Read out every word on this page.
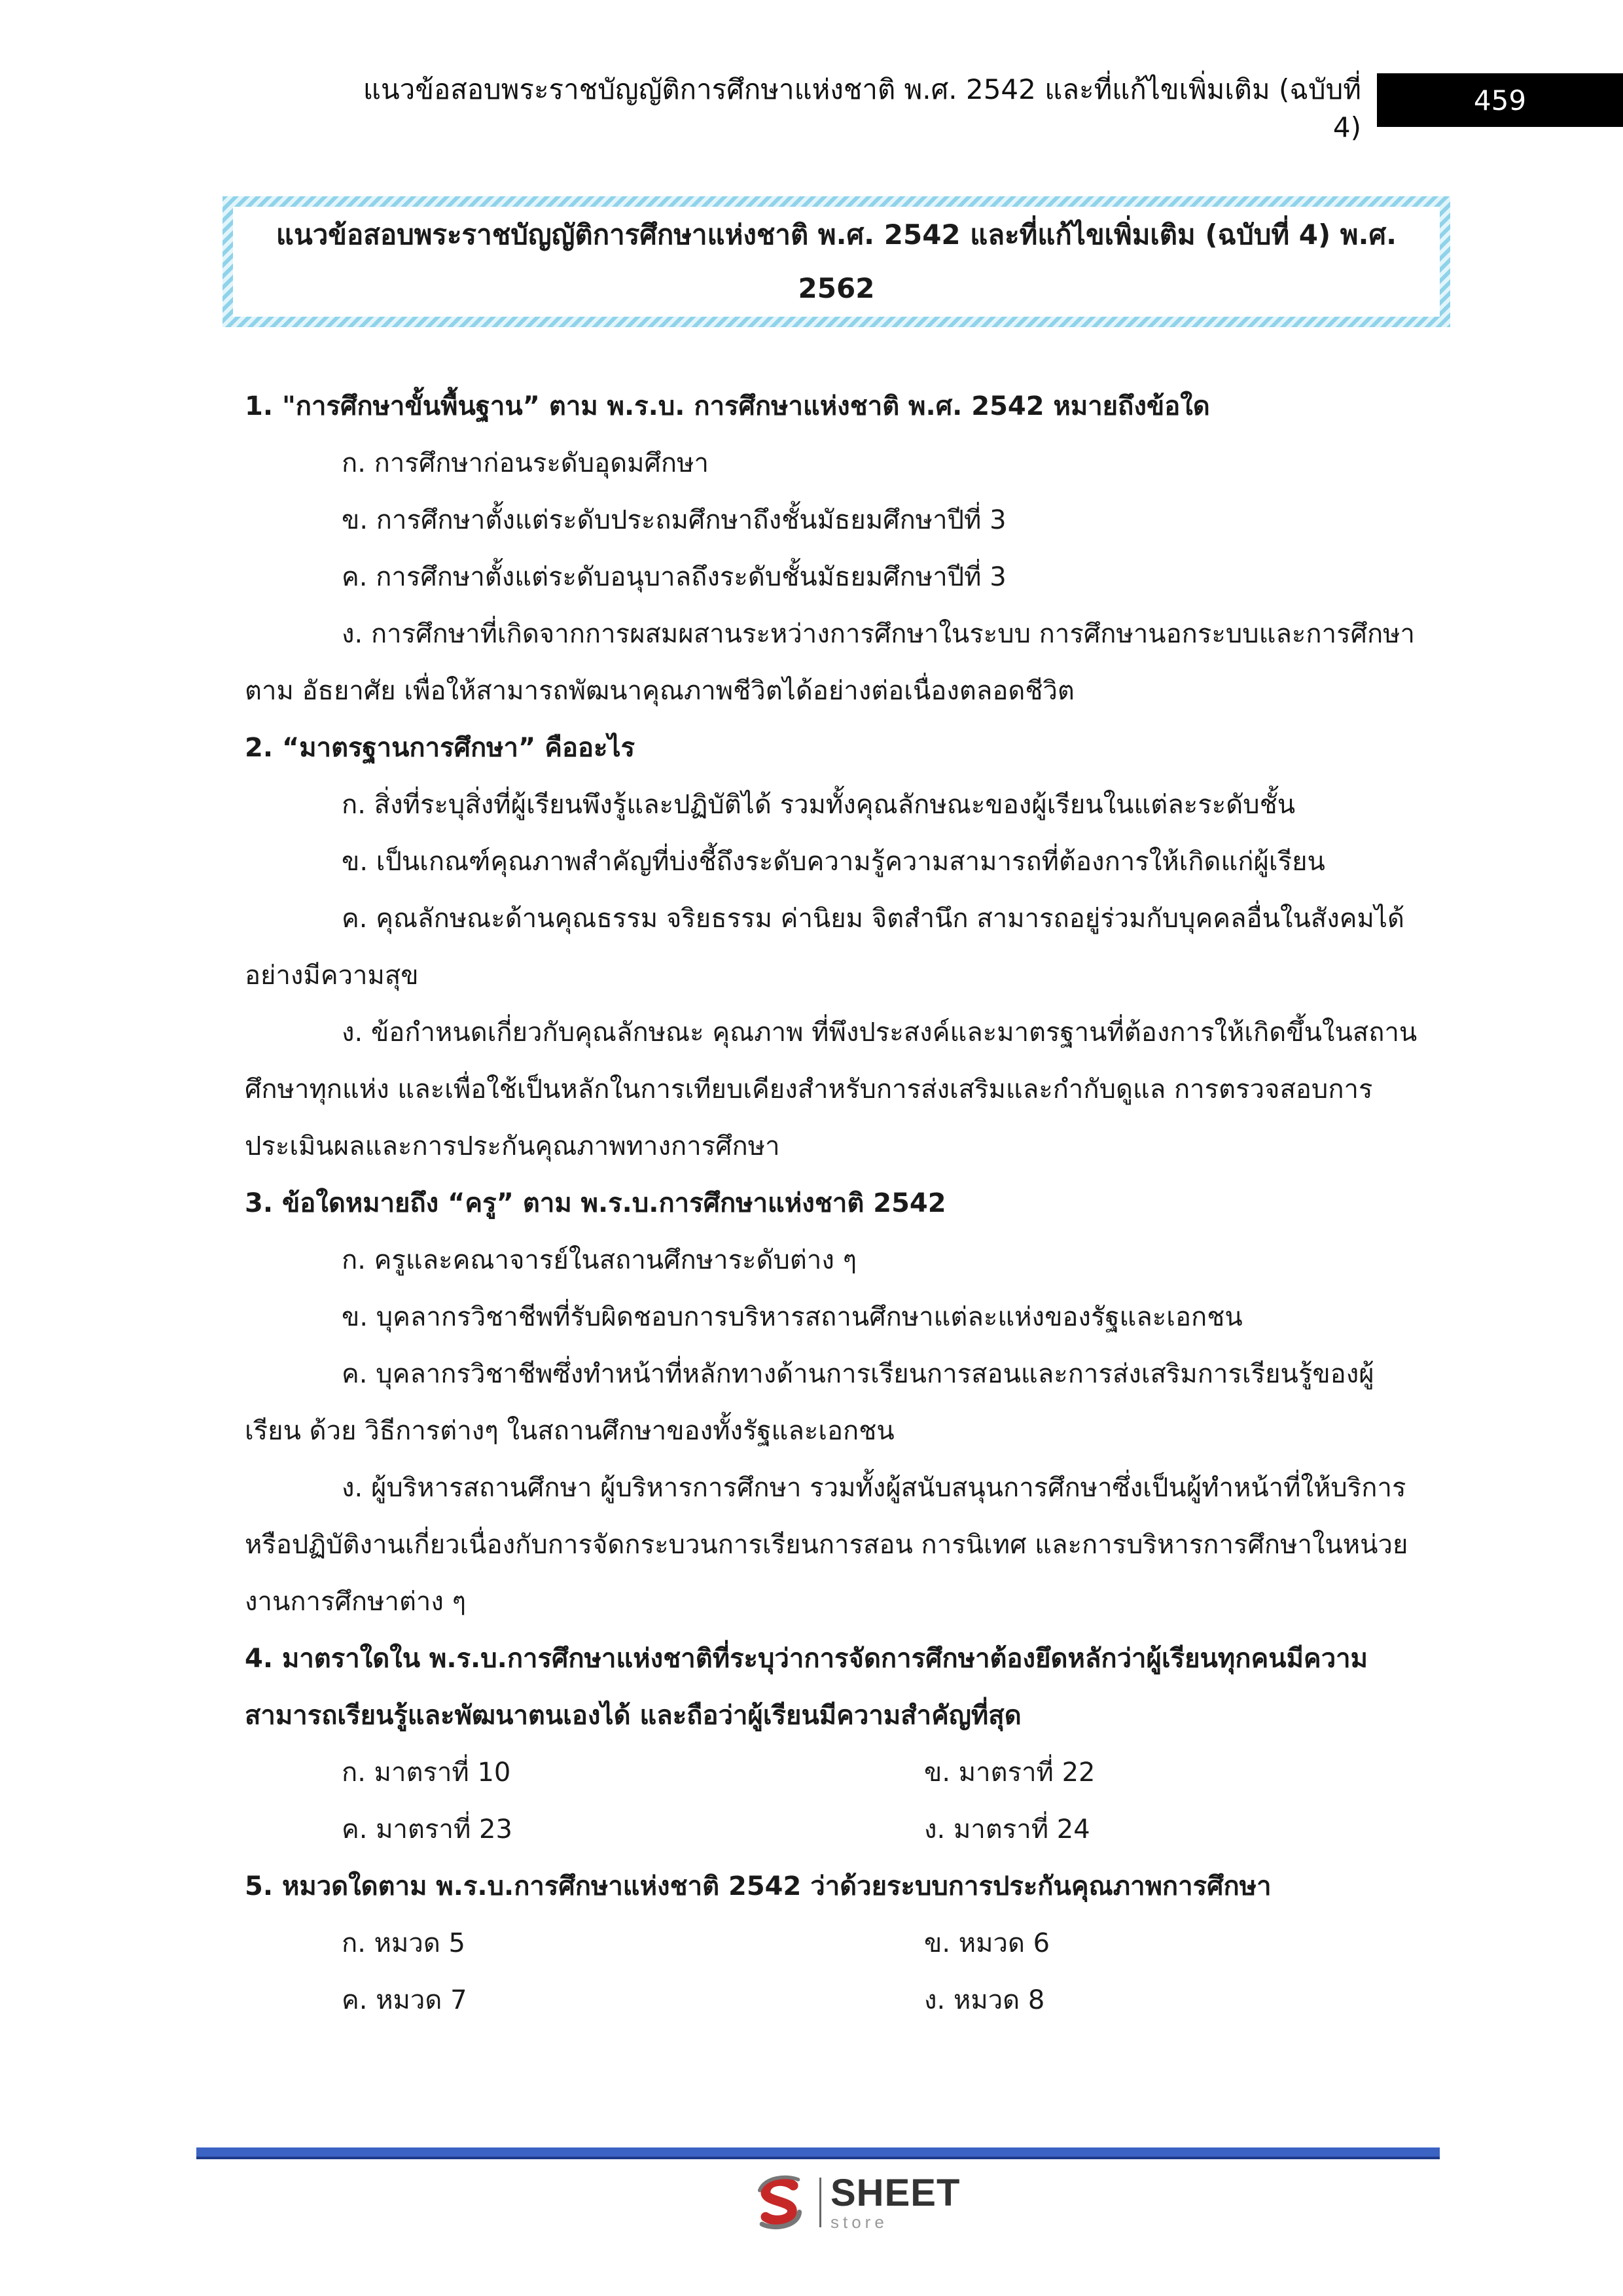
แนวข้อสอบพระราชบัญญัติการศึกษาแห่งชาติ พ.ศ. 2542 และที่แก้ไขเพิ่มเติม (ฉบับที่ 4)
459
แนวข้อสอบพระราชบัญญัติการศึกษาแห่งชาติ พ.ศ. 2542 และที่แก้ไขเพิ่มเติม (ฉบับที่ 4) พ.ศ.
2562

1. "การศึกษาขั้นพื้นฐาน” ตาม พ.ร.บ. การศึกษาแห่งชาติ พ.ศ. 2542 หมายถึงข้อใด

ก. การศึกษาก่อนระดับอุดมศึกษา

ข. การศึกษาตั้งแต่ระดับประถมศึกษาถึงชั้นมัธยมศึกษาปีที่ 3

ค. การศึกษาตั้งแต่ระดับอนุบาลถึงระดับชั้นมัธยมศึกษาปีที่ 3

ง. การศึกษาที่เกิดจากการผสมผสานระหว่างการศึกษาในระบบ การศึกษานอกระบบและการศึกษาตาม อัธยาศัย เพื่อให้สามารถพัฒนาคุณภาพชีวิตได้อย่างต่อเนื่องตลอดชีวิต

2. “มาตรฐานการศึกษา” คืออะไร

ก. สิ่งที่ระบุสิ่งที่ผู้เรียนพึงรู้และปฏิบัติได้ รวมทั้งคุณลักษณะของผู้เรียนในแต่ละระดับชั้น

ข. เป็นเกณฑ์คุณภาพสำคัญที่บ่งชี้ถึงระดับความรู้ความสามารถที่ต้องการให้เกิดแก่ผู้เรียน

ค. คุณลักษณะด้านคุณธรรม จริยธรรม ค่านิยม จิตสำนึก สามารถอยู่ร่วมกับบุคคลอื่นในสังคมได้อย่างมีความสุข

ง. ข้อกำหนดเกี่ยวกับคุณลักษณะ คุณภาพ ที่พึงประสงค์และมาตรฐานที่ต้องการให้เกิดขึ้นในสถานศึกษาทุกแห่ง และเพื่อใช้เป็นหลักในการเทียบเคียงสำหรับการส่งเสริมและกำกับดูแล การตรวจสอบการประเมินผลและการประกันคุณภาพทางการศึกษา

3. ข้อใดหมายถึง “ครู” ตาม พ.ร.บ.การศึกษาแห่งชาติ 2542

ก. ครูและคณาจารย์ในสถานศึกษาระดับต่าง ๆ

ข. บุคลากรวิชาชีพที่รับผิดชอบการบริหารสถานศึกษาแต่ละแห่งของรัฐและเอกชน

ค. บุคลากรวิชาชีพซึ่งทำหน้าที่หลักทางด้านการเรียนการสอนและการส่งเสริมการเรียนรู้ของผู้เรียน ด้วย วิธีการต่างๆ ในสถานศึกษาของทั้งรัฐและเอกชน

ง. ผู้บริหารสถานศึกษา ผู้บริหารการศึกษา รวมทั้งผู้สนับสนุนการศึกษาซึ่งเป็นผู้ทำหน้าที่ให้บริการ หรือปฏิบัติงานเกี่ยวเนื่องกับการจัดกระบวนการเรียนการสอน การนิเทศ และการบริหารการศึกษาในหน่วยงานการศึกษาต่าง ๆ

4. มาตราใดใน พ.ร.บ.การศึกษาแห่งชาติที่ระบุว่าการจัดการศึกษาต้องยึดหลักว่าผู้เรียนทุกคนมีความสามารถเรียนรู้และพัฒนาตนเองได้ และถือว่าผู้เรียนมีความสำคัญที่สุด

ก. มาตราที่ 10	ข. มาตราที่ 22
ค. มาตราที่ 23	ง. มาตราที่ 24

5. หมวดใดตาม พ.ร.บ.การศึกษาแห่งชาติ 2542 ว่าด้วยระบบการประกันคุณภาพการศึกษา

ก. หมวด 5	ข. หมวด 6
ค. หมวด 7	ง. หมวด 8
SHEET
store
